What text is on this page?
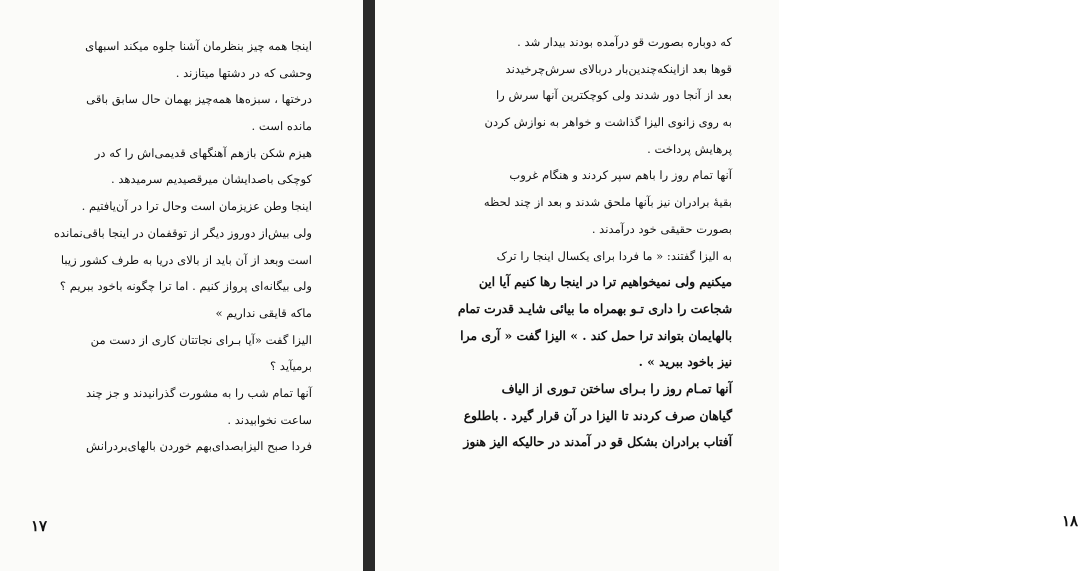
اینجا همه چیز بنظرمان آشنا جلوه میکند اسبهای
وحشی که در دشتها میتازند .
درختها ، سبزه‌ها همه‌چیز بهمان حال سابق باقی
مانده است .
هیزم شکن بازهم آهنگهای قدیمی‌اش را که در
کوچکی باصدایشان میرقصیدیم سرمیدهد .
اینجا وطن عزیزمان است وحال ترا در آن‌یافتیم .
ولی بیش‌از دوروز دیگر از توقفمان در اینجا باقی‌نمانده
است وبعد از آن باید از بالای دریا به طرف کشور زیبا
ولی بیگانه‌ای پرواز کنیم . اما ترا چگونه باخود ببریم ؟
ماکه قایقی نداریم »
الیزا گفت «آیا بـرای نجاتتان کاری از دست من
برمیآید ؟
آنها تمام شب را به مشورت گذرانیدند و جز چند
ساعت نخوابیدند .
فردا صبح الیزابصدای‌بهم خوردن بالهای‌بردرانش
۱۷
که دوباره بصورت قو درآمده بودند بیدار شد .
قوها بعد ازاینکه‌چندین‌بار دربالای سرش‌چرخیدند
بعد از آنجا دور شدند ولی کوچکترین آنها سرش را
به روی زانوی الیزا گذاشت و خواهر به نوازش کردن
پرهایش پرداخت .
آنها تمام روز را باهم سپر کردند و هنگام غروب
بقیهٔ برادران نیز بآنها ملحق شدند و بعد از چند لحظه
بصورت حقیقی خود درآمدند .
به الیزا گفتند: « ما فردا برای یکسال اینجا را ترک
میکنیم ولی نمیخواهیم ترا در اینجا رها کنیم آیا این
شجاعت را داری تـو بهمراه ما بیائی شایـد قدرت تمام
بالهایمان بتواند ترا حمل کند . » الیزا گفت « آری مرا
نیز باخود ببرید » .
آنها تمـام روز را بـرای ساختن تـوری از الیاف
گیاهان صرف کردند تا الیزا در آن قرار گیرد . باطلوع
آفتاب برادران بشکل قو در آمدند در حالیکه الیز هنوز
۱۸
